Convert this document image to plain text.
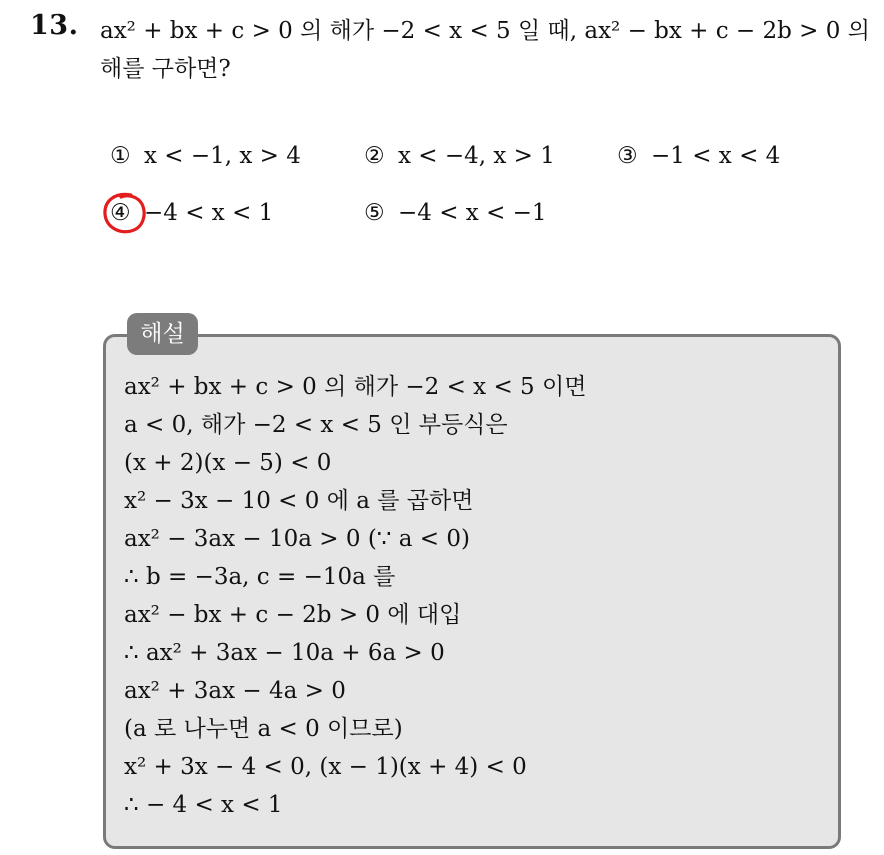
13. ax² + bx + c > 0 의 해가 −2 < x < 5 일 때, ax² − bx + c − 2b > 0 의
해를 구하면?
① x < −1, x > 4	② x < −4, x > 1	③ −1 < x < 4
④ −4 < x < 1	⑤ −4 < x < −1
해설
ax² + bx + c > 0 의 해가 −2 < x < 5 이면
a < 0, 해가 −2 < x < 5 인 부등식은
(x + 2)(x − 5) < 0
x² − 3x − 10 < 0 에 a 를 곱하면
ax² − 3ax − 10a > 0 (∵ a < 0)
∴ b = −3a, c = −10a 를
ax² − bx + c − 2b > 0 에 대입
∴ ax² + 3ax − 10a + 6a > 0
ax² + 3ax − 4a > 0
(a 로 나누면 a < 0 이므로)
x² + 3x − 4 < 0, (x − 1)(x + 4) < 0
∴ − 4 < x < 1
